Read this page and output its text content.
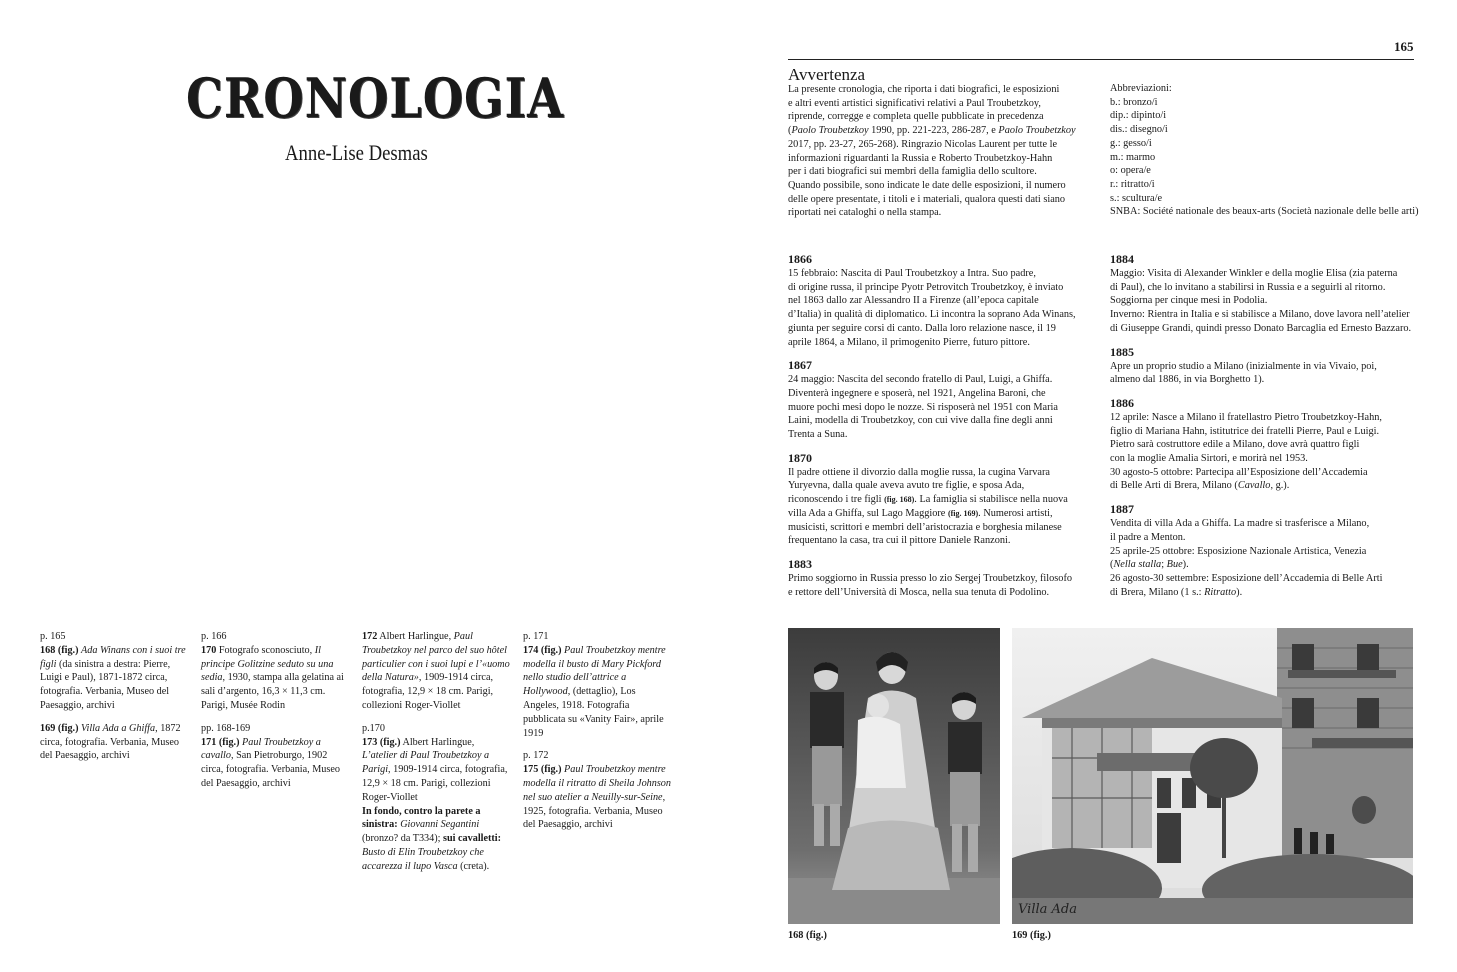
CRONOLOGIA
Anne-Lise Desmas

p. 165
168 (fig.) Ada Winans con i suoi tre figli (da sinistra a destra: Pierre, Luigi e Paul), 1871-1872 circa, fotografia. Verbania, Museo del Paesaggio, archivi

169 (fig.) Villa Ada a Ghiffa, 1872 circa, fotografia. Verbania, Museo del Paesaggio, archivi

p. 166
170 Fotografo sconosciuto, Il principe Golitzine seduto su una sedia, 1930, stampa alla gelatina ai sali d’argento, 16,3 × 11,3 cm. Parigi, Musée Rodin

pp. 168-169
171 (fig.) Paul Troubetzkoy a cavallo, San Pietroburgo, 1902 circa, fotografia. Verbania, Museo del Paesaggio, archivi

172 Albert Harlingue, Paul Troubetzkoy nel parco del suo hôtel particulier con i suoi lupi e l’«uomo della Natura», 1909-1914 circa, fotografia, 12,9 × 18 cm. Parigi, collezioni Roger-Viollet

p.170
173 (fig.) Albert Harlingue, L’atelier di Paul Troubetzkoy a Parigi, 1909-1914 circa, fotografia, 12,9 × 18 cm. Parigi, collezioni Roger-Viollet
In fondo, contro la parete a sinistra: Giovanni Segantini (bronzo? da T334); sui cavalletti: Busto di Elin Troubetzkoy che accarezza il lupo Vasca (creta).

p. 171
174 (fig.) Paul Troubetzkoy mentre modella il busto di Mary Pickford nello studio dell’attrice a Hollywood, (dettaglio), Los Angeles, 1918. Fotografia pubblicata su «Vanity Fair», aprile 1919

p. 172
175 (fig.) Paul Troubetzkoy mentre modella il ritratto di Sheila Johnson nel suo atelier a Neuilly-sur-Seine, 1925, fotografia. Verbania, Museo del Paesaggio, archivi

165
Avvertenza
La presente cronologia, che riporta i dati biografici, le esposizioni
e altri eventi artistici significativi relativi a Paul Troubetzkoy,
riprende, corregge e completa quelle pubblicate in precedenza
(Paolo Troubetzkoy 1990, pp. 221-223, 286-287, e Paolo Troubetzkoy
2017, pp. 23-27, 265-268). Ringrazio Nicolas Laurent per tutte le
informazioni riguardanti la Russia e Roberto Troubetzkoy-Hahn
per i dati biografici sui membri della famiglia dello scultore.
Quando possibile, sono indicate le date delle esposizioni, il numero
delle opere presentate, i titoli e i materiali, qualora questi dati siano
riportati nei cataloghi o nella stampa.
Abbreviazioni:
b.: bronzo/i
dip.: dipinto/i
dis.: disegno/i
g.: gesso/i
m.: marmo
o: opera/e
r.: ritratto/i
s.: scultura/e
SNBA: Société nationale des beaux-arts (Società nazionale delle belle arti)
1866
15 febbraio: Nascita di Paul Troubetzkoy a Intra. Suo padre,
di origine russa, il principe Pyotr Petrovitch Troubetzkoy, è inviato
nel 1863 dallo zar Alessandro II a Firenze (all’epoca capitale
d’Italia) in qualità di diplomatico. Lì incontra la soprano Ada Winans,
giunta per seguire corsi di canto. Dalla loro relazione nasce, il 19
aprile 1864, a Milano, il primogenito Pierre, futuro pittore.
1867
24 maggio: Nascita del secondo fratello di Paul, Luigi, a Ghiffa.
Diventerà ingegnere e sposerà, nel 1921, Angelina Baroni, che
muore pochi mesi dopo le nozze. Si risposerà nel 1951 con Maria
Laini, modella di Troubetzkoy, con cui vive dalla fine degli anni
Trenta a Suna.
1870
Il padre ottiene il divorzio dalla moglie russa, la cugina Varvara
Yuryevna, dalla quale aveva avuto tre figlie, e sposa Ada,
riconoscendo i tre figli (fig. 168). La famiglia si stabilisce nella nuova
villa Ada a Ghiffa, sul Lago Maggiore (fig. 169). Numerosi artisti,
musicisti, scrittori e membri dell’aristocrazia e borghesia milanese
frequentano la casa, tra cui il pittore Daniele Ranzoni.
1883
Primo soggiorno in Russia presso lo zio Sergej Troubetzkoy, filosofo
e rettore dell’Università di Mosca, nella sua tenuta di Podolino.
1884
Maggio: Visita di Alexander Winkler e della moglie Elisa (zia paterna
di Paul), che lo invitano a stabilirsi in Russia e a seguirli al ritorno.
Soggiorna per cinque mesi in Podolia.
Inverno: Rientra in Italia e si stabilisce a Milano, dove lavora nell’atelier
di Giuseppe Grandi, quindi presso Donato Barcaglia ed Ernesto Bazzaro.
1885
Apre un proprio studio a Milano (inizialmente in via Vivaio, poi,
almeno dal 1886, in via Borghetto 1).
1886
12 aprile: Nasce a Milano il fratellastro Pietro Troubetzkoy-Hahn,
figlio di Mariana Hahn, istitutrice dei fratelli Pierre, Paul e Luigi.
Pietro sarà costruttore edile a Milano, dove avrà quattro figli
con la moglie Amalia Sirtori, e morirà nel 1953.
30 agosto-5 ottobre: Partecipa all’Esposizione dell’Accademia
di Belle Arti di Brera, Milano (Cavallo, g.).
1887
Vendita di villa Ada a Ghiffa. La madre si trasferisce a Milano,
il padre a Menton.
25 aprile-25 ottobre: Esposizione Nazionale Artistica, Venezia
(Nella stalla; Bue).
26 agosto-30 settembre: Esposizione dell’Accademia di Belle Arti
di Brera, Milano (1 s.: Ritratto).
168 (fig.)
Villa Ada
169 (fig.)
